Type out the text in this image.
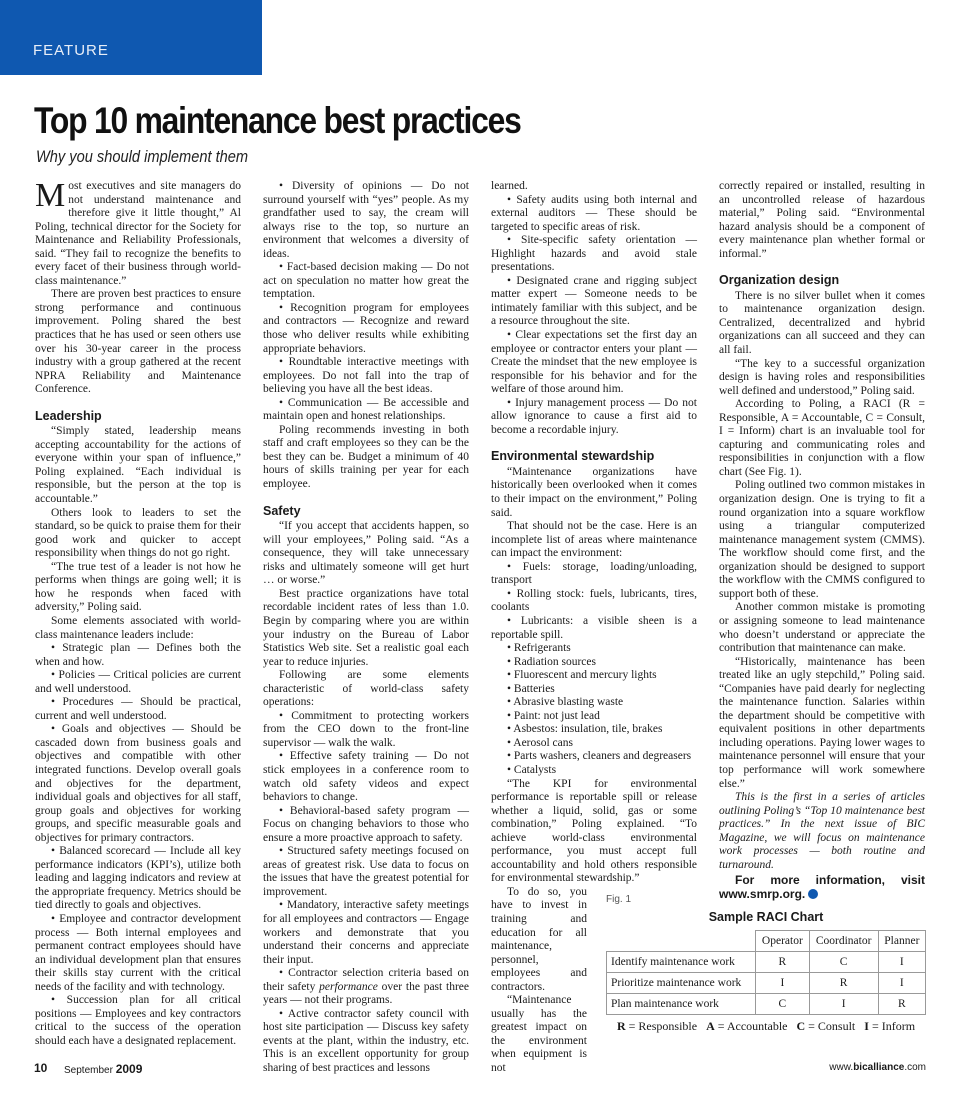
FEATURE
Top 10 maintenance best practices
Why you should implement them

Most executives and site managers do not understand maintenance and therefore give it little thought,” Al Poling, technical director for the Society for Maintenance and Reliability Professionals, said. “They fail to recognize the benefits to every facet of their business through world-class maintenance.”

There are proven best practices to ensure strong performance and continuous improvement. Poling shared the best practices that he has used or seen others use over his 30-year career in the process industry with a group gathered at the recent NPRA Reliability and Maintenance Conference.

Leadership

“Simply stated, leadership means accepting accountability for the actions of everyone within your span of influence,” Poling explained. “Each individual is responsible, but the person at the top is accountable.”

Others look to leaders to set the standard, so be quick to praise them for their good work and quicker to accept responsibility when things do not go right.

“The true test of a leader is not how he performs when things are going well; it is how he responds when faced with adversity,” Poling said.

Some elements associated with world-class maintenance leaders include:

• Strategic plan — Defines both the when and how.

• Policies — Critical policies are current and well understood.

• Procedures — Should be practical, current and well understood.

• Goals and objectives — Should be cascaded down from business goals and objectives and compatible with other integrated functions. Develop overall goals and objectives for the department, individual goals and objectives for all staff, group goals and objectives for working groups, and specific measurable goals and objectives for primary contractors.

• Balanced scorecard — Include all key performance indicators (KPI’s), utilize both leading and lagging indicators and review at the appropriate frequency. Metrics should be tied directly to goals and objectives.

• Employee and contractor development process — Both internal employees and permanent contract employees should have an individual development plan that ensures their skills stay current with the critical needs of the facility and with technology.

• Succession plan for all critical positions — Employees and key contractors critical to the success of the operation should each have a designated replacement.

• Diversity of opinions — Do not surround yourself with “yes” people. As my grandfather used to say, the cream will always rise to the top, so nurture an environment that welcomes a diversity of ideas.

• Fact-based decision making — Do not act on speculation no matter how great the temptation.

• Recognition program for employees and contractors — Recognize and reward those who deliver results while exhibiting appropriate behaviors.

• Roundtable interactive meetings with employees. Do not fall into the trap of believing you have all the best ideas.

• Communication — Be accessible and maintain open and honest relationships.

Poling recommends investing in both staff and craft employees so they can be the best they can be. Budget a minimum of 40 hours of skills training per year for each employee.

Safety

“If you accept that accidents happen, so will your employees,” Poling said. “As a consequence, they will take unnecessary risks and ultimately someone will get hurt … or worse.”

Best practice organizations have total recordable incident rates of less than 1.0. Begin by comparing where you are within your industry on the Bureau of Labor Statistics Web site. Set a realistic goal each year to reduce injuries.

Following are some elements characteristic of world-class safety operations:

• Commitment to protecting workers from the CEO down to the front-line supervisor — walk the walk.

• Effective safety training — Do not stick employees in a conference room to watch old safety videos and expect behaviors to change.

• Behavioral-based safety program — Focus on changing behaviors to those who ensure a more proactive approach to safety.

• Structured safety meetings focused on areas of greatest risk. Use data to focus on the issues that have the greatest potential for improvement.

• Mandatory, interactive safety meetings for all employees and contractors — Engage workers and demonstrate that you understand their concerns and appreciate their input.

• Contractor selection criteria based on their safety performance over the past three years — not their programs.

• Active contractor safety council with host site participation — Discuss key safety events at the plant, within the industry, etc. This is an excellent opportunity for group sharing of best practices and lessons

learned.

• Safety audits using both internal and external auditors — These should be targeted to specific areas of risk.

• Site-specific safety orientation — Highlight hazards and avoid stale presentations.

• Designated crane and rigging subject matter expert — Someone needs to be intimately familiar with this subject, and be a resource throughout the site.

• Clear expectations set the first day an employee or contractor enters your plant — Create the mindset that the new employee is responsible for his behavior and for the welfare of those around him.

• Injury management process — Do not allow ignorance to cause a first aid to become a recordable injury.

Environmental stewardship

“Maintenance organizations have historically been overlooked when it comes to their impact on the environment,” Poling said.

That should not be the case. Here is an incomplete list of areas where maintenance can impact the environment:

• Fuels: storage, loading/unloading, transport

• Rolling stock: fuels, lubricants, tires, coolants

• Lubricants: a visible sheen is a reportable spill.

• Refrigerants

• Radiation sources

• Fluorescent and mercury lights

• Batteries

• Abrasive blasting waste

• Paint: not just lead

• Asbestos: insulation, tile, brakes

• Aerosol cans

• Parts washers, cleaners and degreasers

• Catalysts

“The KPI for environmental performance is reportable spill or release whether a liquid, solid, gas or some combination,” Poling explained. “To achieve world-class environmental performance, you must accept full accountability and hold others responsible for environmental stewardship.”

To do so, you have to invest in training and education for all maintenance, personnel, employees and contractors.

“Maintenance usually has the greatest impact on the environment when equipment is not

correctly repaired or installed, resulting in an uncontrolled release of hazardous material,” Poling said. “Environmental hazard analysis should be a component of every maintenance plan whether formal or informal.”

Organization design

There is no silver bullet when it comes to maintenance organization design. Centralized, decentralized and hybrid organizations can all succeed and they can all fail.

“The key to a successful organization design is having roles and responsibilities well defined and understood,” Poling said.

According to Poling, a RACI (R = Responsible, A = Accountable, C = Consult, I = Inform) chart is an invaluable tool for capturing and communicating roles and responsibilities in conjunction with a flow chart (See Fig. 1).

Poling outlined two common mistakes in organization design. One is trying to fit a round organization into a square workflow using a triangular computerized maintenance management system (CMMS). The workflow should come first, and the organization should be designed to support the workflow with the CMMS configured to support both of these.

Another common mistake is promoting or assigning someone to lead maintenance who doesn’t understand or appreciate the contribution that maintenance can make.

“Historically, maintenance has been treated like an ugly stepchild,” Poling said. “Companies have paid dearly for neglecting the maintenance function. Salaries within the department should be competitive with equivalent positions in other departments including operations. Paying lower wages to maintenance personnel will ensure that your top performance will work somewhere else.”

This is the first in a series of articles outlining Poling’s “Top 10 maintenance best practices.” In the next issue of BIC Magazine, we will focus on maintenance work processes — both routine and turnaround.

For more information, visit www.smrp.org.
Fig. 1
Sample RACI Chart
	Operator	Coordinator	Planner
Identify maintenance work	R	C	I
Prioritize maintenance work	I	R	I
Plan maintenance work	C	I	R
R = Responsible A = Accountable C = Consult I = Inform
10 September 2009	www.bicalliance.com
